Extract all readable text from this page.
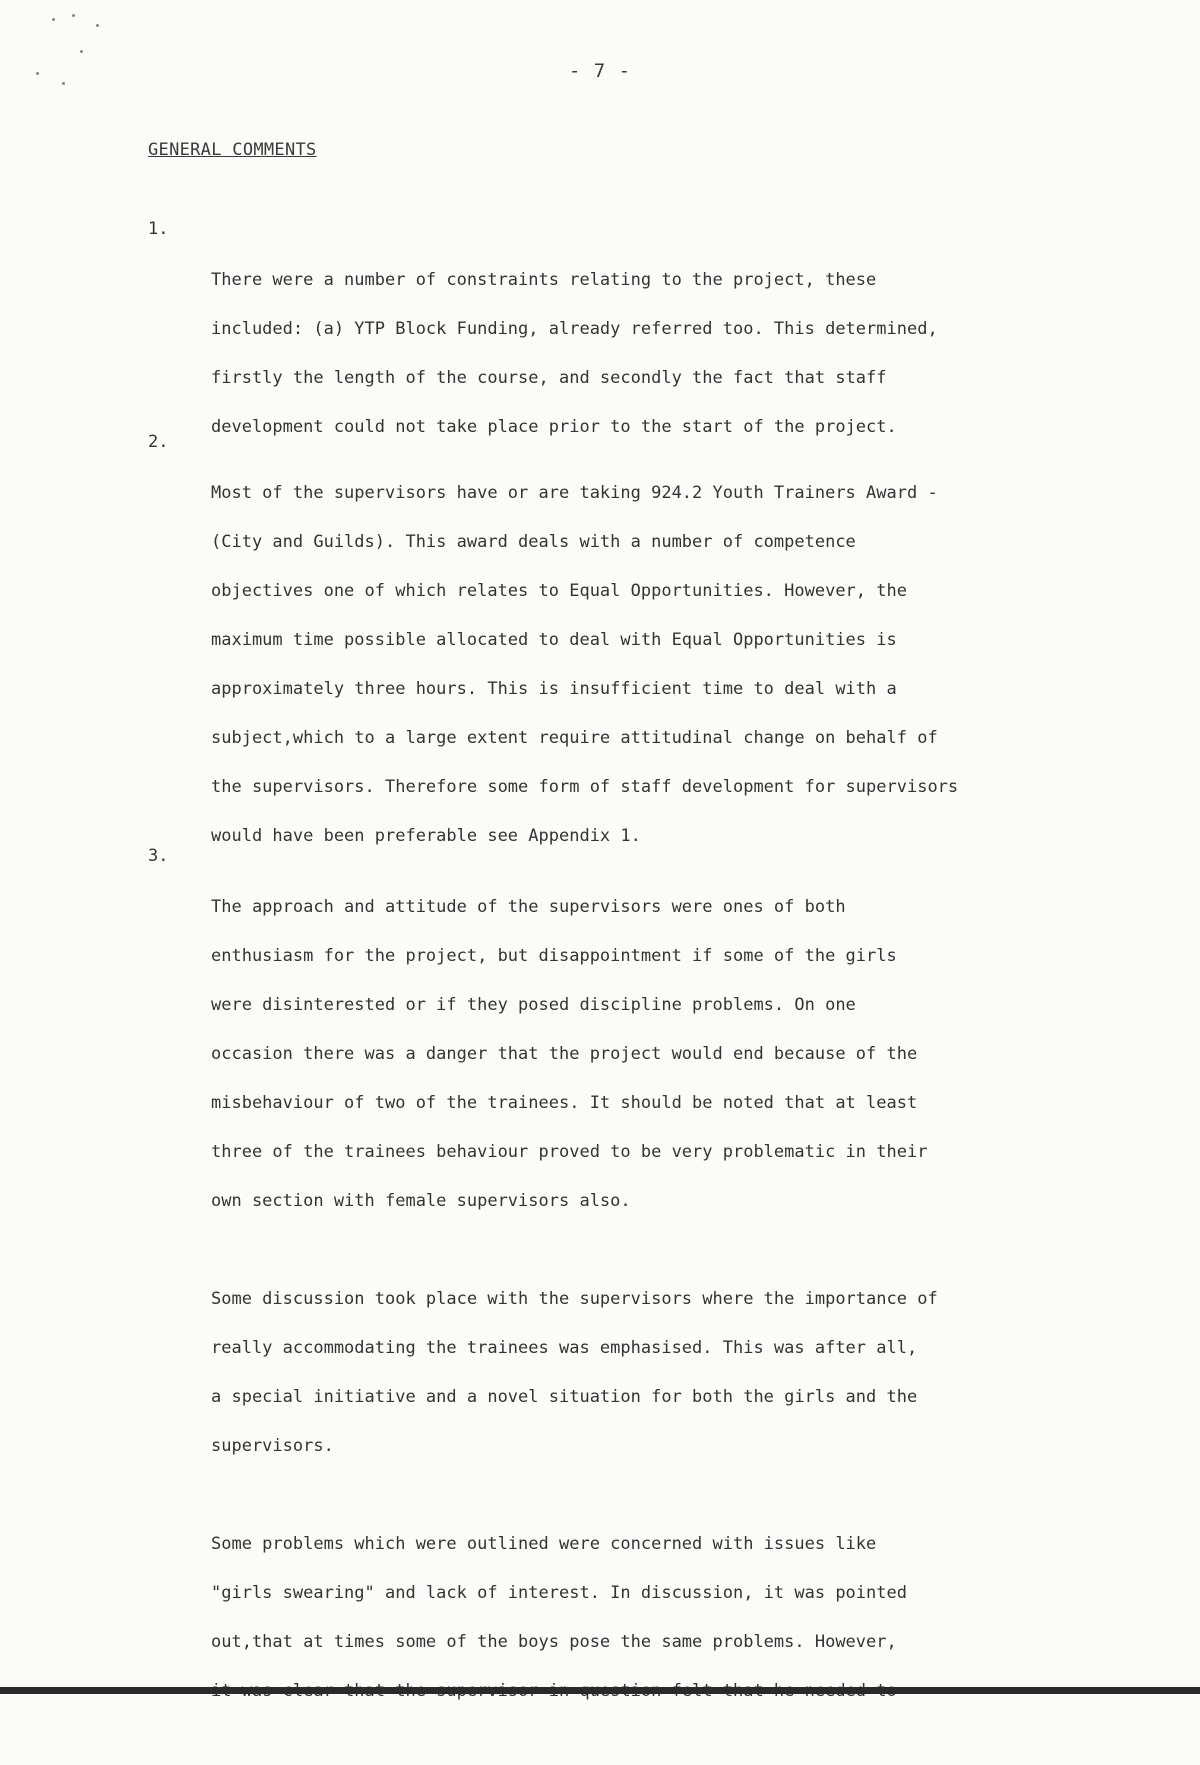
- 7 -
GENERAL COMMENTS
1.

There were a number of constraints relating to the project, these
included: (a) YTP Block Funding, already referred too. This determined,
firstly the length of the course, and secondly the fact that staff
development could not take place prior to the start of the project.

2.

Most of the supervisors have or are taking 924.2 Youth Trainers Award -
(City and Guilds). This award deals with a number of competence
objectives one of which relates to Equal Opportunities. However, the
maximum time possible allocated to deal with Equal Opportunities is
approximately three hours. This is insufficient time to deal with a
subject,which to a large extent require attitudinal change on behalf of
the supervisors. Therefore some form of staff development for supervisors
would have been preferable see Appendix 1.

3.

The approach and attitude of the supervisors were ones of both
enthusiasm for the project, but disappointment if some of the girls
were disinterested or if they posed discipline problems. On one
occasion there was a danger that the project would end because of the
misbehaviour of two of the trainees. It should be noted that at least
three of the trainees behaviour proved to be very problematic in their
own section with female supervisors also.

Some discussion took place with the supervisors where the importance of
really accommodating the trainees was emphasised. This was after all,
a special initiative and a novel situation for both the girls and the
supervisors.

Some problems which were outlined were concerned with issues like
"girls swearing" and lack of interest. In discussion, it was pointed
out,that at times some of the boys pose the same problems. However,
